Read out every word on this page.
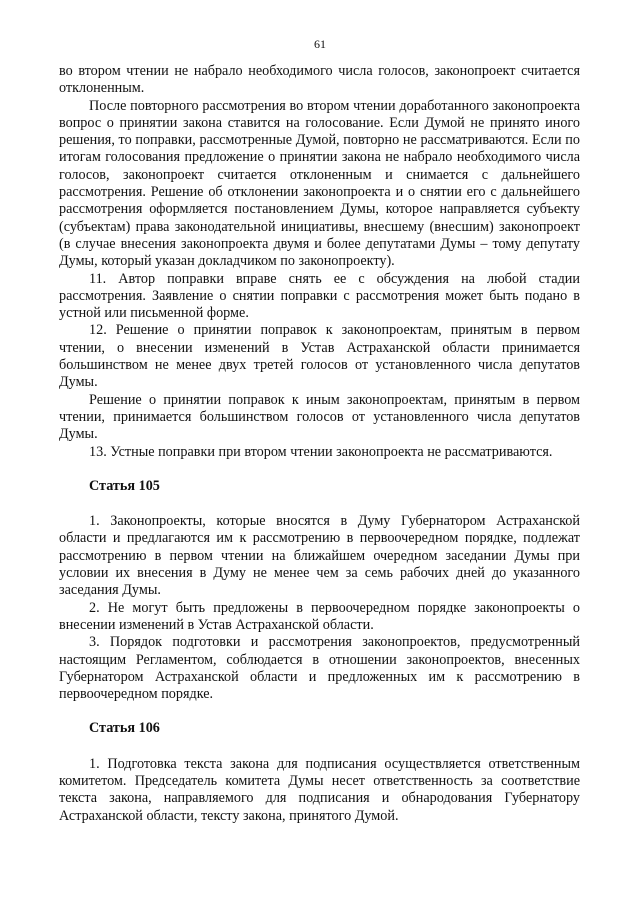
61

во втором чтении не набрало необходимого числа голосов, законопроект считается отклоненным.

После повторного рассмотрения во втором чтении доработанного законопроекта вопрос о принятии закона ставится на голосование. Если Думой не принято иного решения, то поправки, рассмотренные Думой, повторно не рассматриваются. Если по итогам голосования предложение о принятии закона не набрало необходимого числа голосов, законопроект считается отклоненным и снимается с дальнейшего рассмотрения. Решение об отклонении законопроекта и о снятии его с дальнейшего рассмотрения оформляется постановлением Думы, которое направляется субъекту (субъектам) права законодательной инициативы, внесшему (внесшим) законопроект (в случае внесения законопроекта двумя и более депутатами Думы – тому депутату Думы, который указан докладчиком по законопроекту).

11. Автор поправки вправе снять ее с обсуждения на любой стадии рассмотрения. Заявление о снятии поправки с рассмотрения может быть подано в устной или письменной форме.

12. Решение о принятии поправок к законопроектам, принятым в первом чтении, о внесении изменений в Устав Астраханской области принимается большинством не менее двух третей голосов от установленного числа депутатов Думы.

Решение о принятии поправок к иным законопроектам, принятым в первом чтении, принимается большинством голосов от установленного числа депутатов Думы.

13. Устные поправки при втором чтении законопроекта не рассматриваются.

Статья 105

1. Законопроекты, которые вносятся в Думу Губернатором Астраханской области и предлагаются им к рассмотрению в первоочередном порядке, подлежат рассмотрению в первом чтении на ближайшем очередном заседании Думы при условии их внесения в Думу не менее чем за семь рабочих дней до указанного заседания Думы.

2. Не могут быть предложены в первоочередном порядке законопроекты о внесении изменений в Устав Астраханской области.

3. Порядок подготовки и рассмотрения законопроектов, предусмотренный настоящим Регламентом, соблюдается в отношении законопроектов, внесенных Губернатором Астраханской области и предложенных им к рассмотрению в первоочередном порядке.

Статья 106

1. Подготовка текста закона для подписания осуществляется ответственным комитетом. Председатель комитета Думы несет ответственность за соответствие текста закона, направляемого для подписания и обнародования Губернатору Астраханской области, тексту закона, принятого Думой.
